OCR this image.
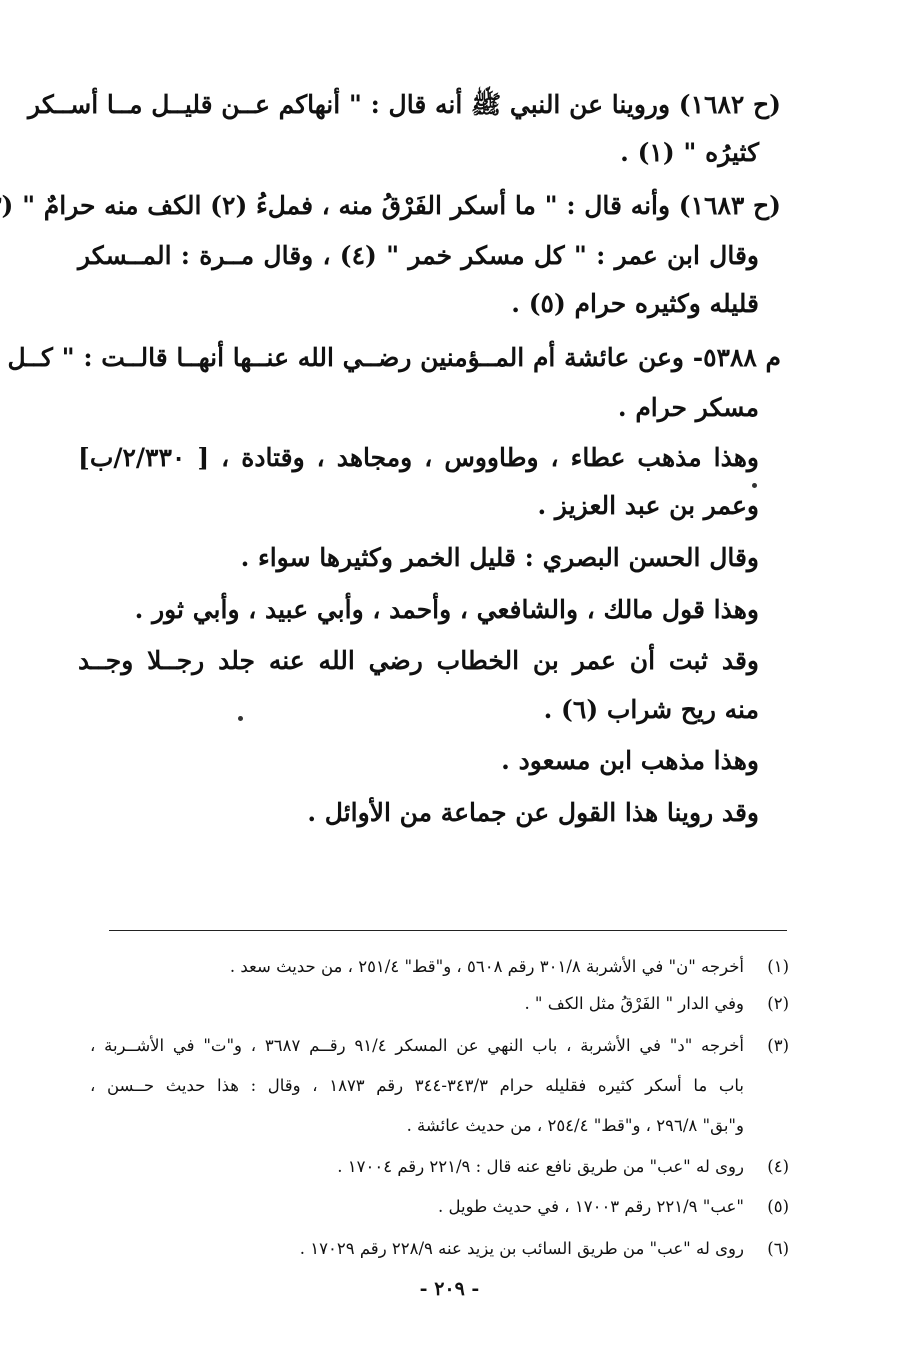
(ح ١٦٨٢) وروينا عن النبي ﷺ أنه قال : " أنهاكم عــن قليــل مــا أســكر
كثيرُه " (١) .
(ح ١٦٨٣) وأنه قال : " ما أسكر الفَرْقُ منه ، فملءُ (٢) الكف منه حرامٌ " (
وقال ابن عمر : " كل مسكر خمر " (٤) ، وقال مــرة : المــسكر
قليله وكثيره حرام (٥) .
م ٥٣٨٨- وعن عائشة أم المــؤمنين رضــي الله عنــها أنهــا قالــت : " كــل
مسكر حرام .
وهذا مذهب عطاء ، وطاووس ، ومجاهد ، وقتادة ، [ ٢/٣٣٠/ب]
وعمر بن عبد العزيز .
وقال الحسن البصري : قليل الخمر وكثيرها سواء .
وهذا قول مالك ، والشافعي ، وأحمد ، وأبي عبيد ، وأبي ثور .
وقد ثبت أن عمر بن الخطاب رضي الله عنه جلد رجــلا وجــد
منه ريح شراب (٦) .
وهذا مذهب ابن مسعود .
وقد روينا هذا القول عن جماعة من الأوائل .
(١)
أخرجه "ن" في الأشربة ٣٠١/٨ رقم ٥٦٠٨ ، و"قط" ٢٥١/٤ ، من حديث سعد .
(٢)
وفي الدار " الفَرْقُ مثل الكف " .
(٣)
أخرجه "د" في الأشربة ، باب النهي عن المسكر ٩١/٤ رقــم ٣٦٨٧ ، و"ت" في الأشــربة ،
باب ما أسكر كثيره فقليله حرام ٣٤٣/٣-٣٤٤ رقم ١٨٧٣ ، وقال : هذا حديث حــسن ،
و"بق" ٢٩٦/٨ ، و"قط" ٢٥٤/٤ ، من حديث عائشة .
(٤)
روى له "عب" من طريق نافع عنه قال : ٢٢١/٩ رقم ١٧٠٠٤ .
(٥)
"عب" ٢٢١/٩ رقم ١٧٠٠٣ ، في حديث طويل .
(٦)
روى له "عب" من طريق السائب بن يزيد عنه ٢٢٨/٩ رقم ١٧٠٢٩ .
- ٢٠٩ -
